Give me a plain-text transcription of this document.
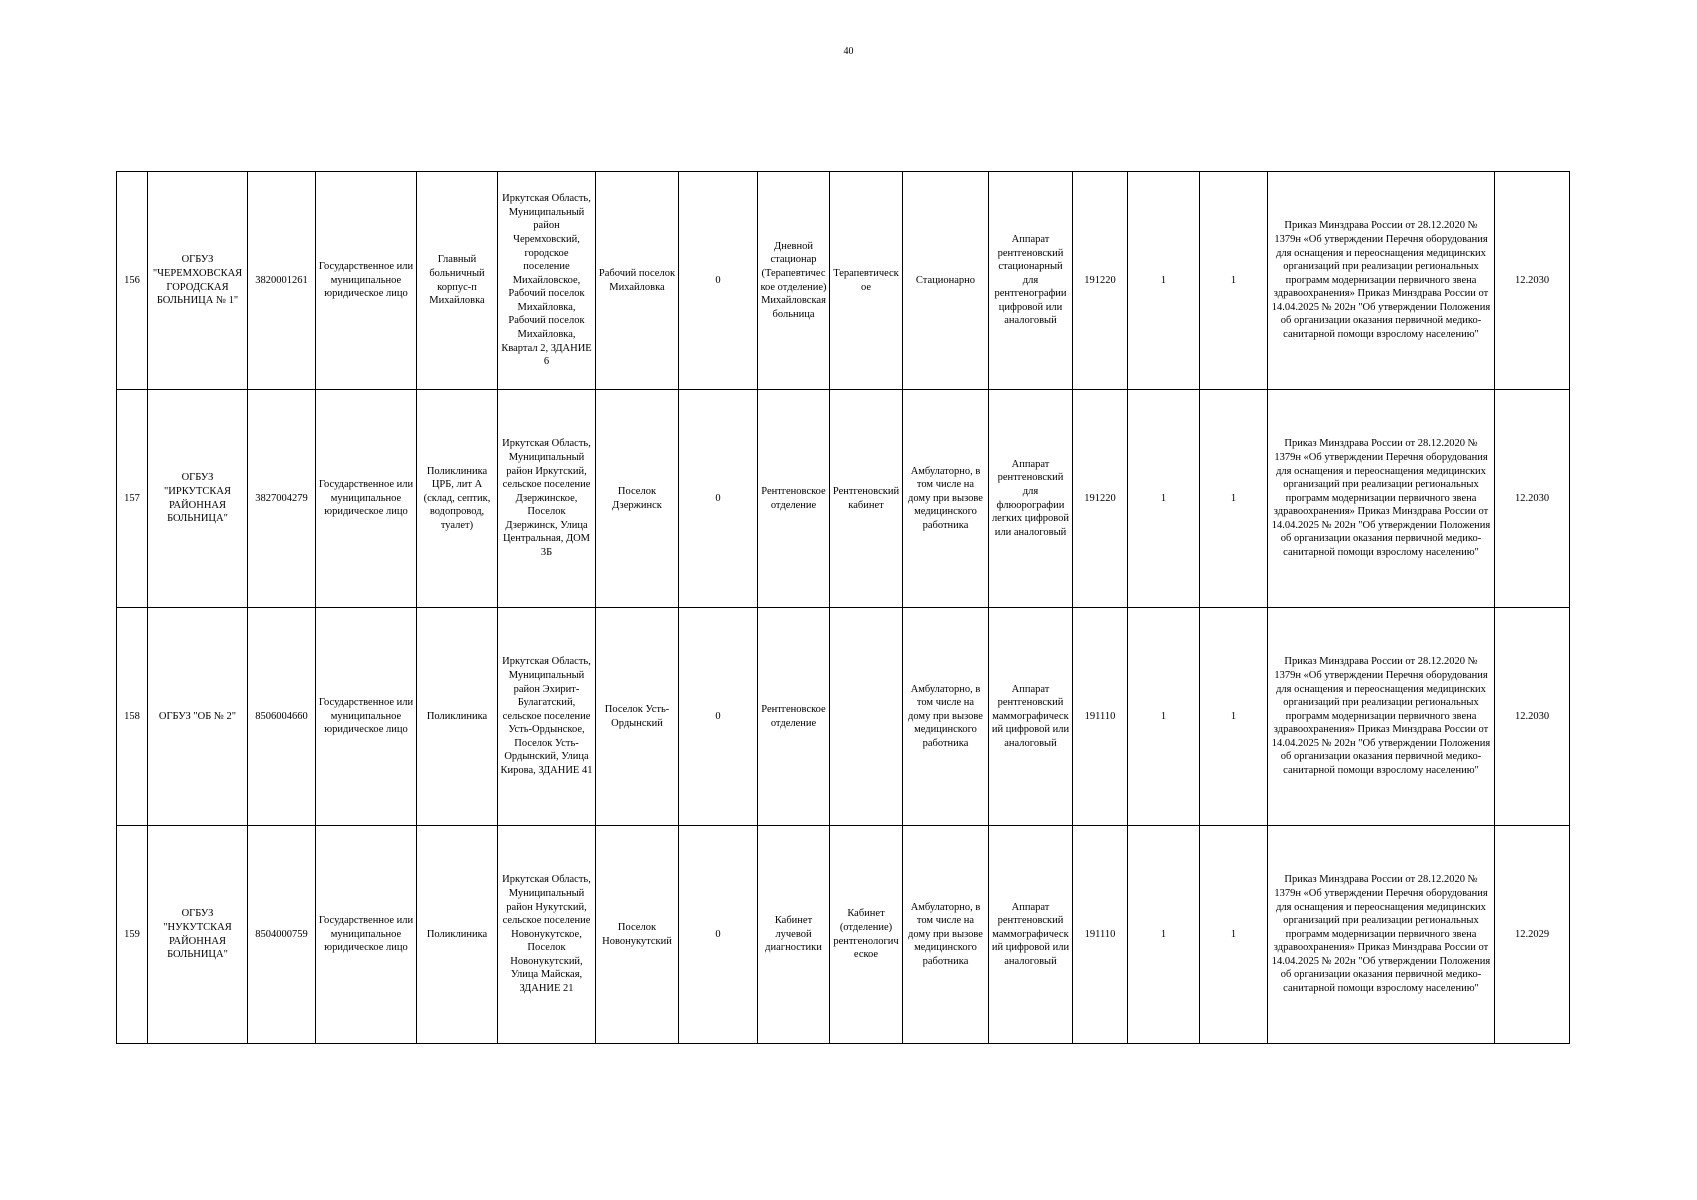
40
156	ОГБУЗ "ЧЕРЕМХОВСКАЯ ГОРОДСКАЯ БОЛЬНИЦА № 1"	3820001261	Государственное или муниципальное юридическое лицо	Главный больничный корпус-п Михайловка	Иркутская Область, Муниципальный район Черемховский, городское поселение Михайловское, Рабочий поселок Михайловка, Рабочий поселок Михайловка, Квартал 2, ЗДАНИЕ 6	Рабочий поселок Михайловка	0	Дневной стационар (Терапевтическое отделение) Михайловская больница	Терапевтическое	Стационарно	Аппарат рентгеновский стационарный для рентгенографии цифровой или аналоговый	191220	1	1	Приказ Минздрава России от 28.12.2020 № 1379н «Об утверждении Перечня оборудования для оснащения и переоснащения медицинских организаций при реализации региональных программ модернизации первичного звена здравоохранения» Приказ Минздрава России от 14.04.2025 № 202н "Об утверждении Положения об организации оказания первичной медико-санитарной помощи взрослому населению"	12.2030
157	ОГБУЗ "ИРКУТСКАЯ РАЙОННАЯ БОЛЬНИЦА"	3827004279	Государственное или муниципальное юридическое лицо	Поликлиника ЦРБ, лит А (склад, септик, водопровод, туалет)	Иркутская Область, Муниципальный район Иркутский, сельское поселение Дзержинское, Поселок Дзержинск, Улица Центральная, ДОМ 3Б	Поселок Дзержинск	0	Рентгеновское отделение	Рентгеновский кабинет	Амбулаторно, в том числе на дому при вызове медицинского работника	Аппарат рентгеновский для флюорографии легких цифровой или аналоговый	191220	1	1	Приказ Минздрава России от 28.12.2020 № 1379н «Об утверждении Перечня оборудования для оснащения и переоснащения медицинских организаций при реализации региональных программ модернизации первичного звена здравоохранения» Приказ Минздрава России от 14.04.2025 № 202н "Об утверждении Положения об организации оказания первичной медико-санитарной помощи взрослому населению"	12.2030
158	ОГБУЗ "ОБ № 2"	8506004660	Государственное или муниципальное юридическое лицо	Поликлиника	Иркутская Область, Муниципальный район Эхирит-Булагатский, сельское поселение Усть-Ордынское, Поселок Усть-Ордынский, Улица Кирова, ЗДАНИЕ 41	Поселок Усть-Ордынский	0	Рентгеновское отделение		Амбулаторно, в том числе на дому при вызове медицинского работника	Аппарат рентгеновский маммографический цифровой или аналоговый	191110	1	1	Приказ Минздрава России от 28.12.2020 № 1379н «Об утверждении Перечня оборудования для оснащения и переоснащения медицинских организаций при реализации региональных программ модернизации первичного звена здравоохранения» Приказ Минздрава России от 14.04.2025 № 202н "Об утверждении Положения об организации оказания первичной медико-санитарной помощи взрослому населению"	12.2030
159	ОГБУЗ "НУКУТСКАЯ РАЙОННАЯ БОЛЬНИЦА"	8504000759	Государственное или муниципальное юридическое лицо	Поликлиника	Иркутская Область, Муниципальный район Нукутский, сельское поселение Новонукутское, Поселок Новонукутский, Улица Майская, ЗДАНИЕ 21	Поселок Новонукутский	0	Кабинет лучевой диагностики	Кабинет (отделение) рентгенологическое	Амбулаторно, в том числе на дому при вызове медицинского работника	Аппарат рентгеновский маммографический цифровой или аналоговый	191110	1	1	Приказ Минздрава России от 28.12.2020 № 1379н «Об утверждении Перечня оборудования для оснащения и переоснащения медицинских организаций при реализации региональных программ модернизации первичного звена здравоохранения» Приказ Минздрава России от 14.04.2025 № 202н "Об утверждении Положения об организации оказания первичной медико-санитарной помощи взрослому населению"	12.2029
